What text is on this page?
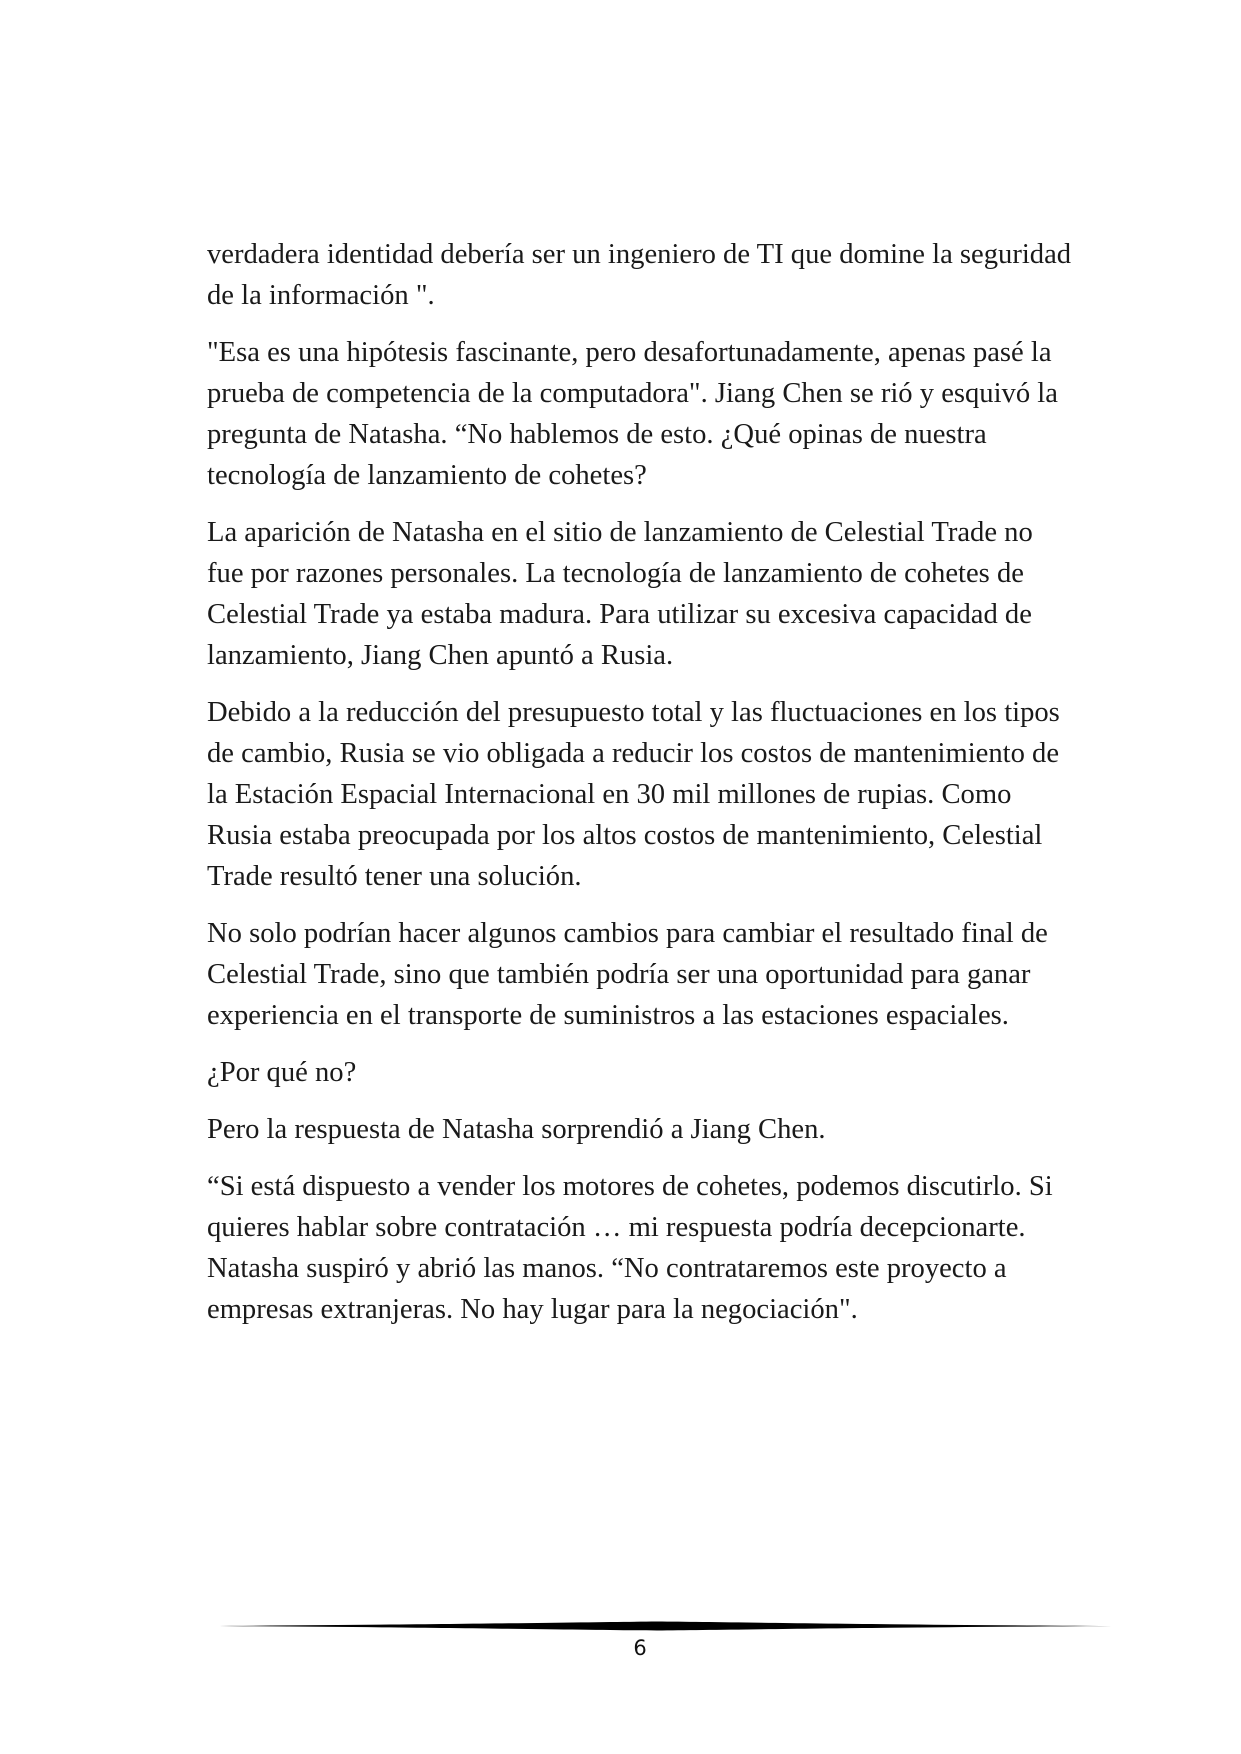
verdadera identidad debería ser un ingeniero de TI que domine la seguridad de la información ".

"Esa es una hipótesis fascinante, pero desafortunadamente, apenas pasé la prueba de competencia de la computadora". Jiang Chen se rió y esquivó la pregunta de Natasha. “No hablemos de esto. ¿Qué opinas de nuestra tecnología de lanzamiento de cohetes?

La aparición de Natasha en el sitio de lanzamiento de Celestial Trade no fue por razones personales. La tecnología de lanzamiento de cohetes de Celestial Trade ya estaba madura. Para utilizar su excesiva capacidad de lanzamiento, Jiang Chen apuntó a Rusia.

Debido a la reducción del presupuesto total y las fluctuaciones en los tipos de cambio, Rusia se vio obligada a reducir los costos de mantenimiento de la Estación Espacial Internacional en 30 mil millones de rupias. Como Rusia estaba preocupada por los altos costos de mantenimiento, Celestial Trade resultó tener una solución.

No solo podrían hacer algunos cambios para cambiar el resultado final de Celestial Trade, sino que también podría ser una oportunidad para ganar experiencia en el transporte de suministros a las estaciones espaciales.

¿Por qué no?

Pero la respuesta de Natasha sorprendió a Jiang Chen.

“Si está dispuesto a vender los motores de cohetes, podemos discutirlo. Si quieres hablar sobre contratación … mi respuesta podría decepcionarte. Natasha suspiró y abrió las manos. “No contrataremos este proyecto a empresas extranjeras. No hay lugar para la negociación".

6
